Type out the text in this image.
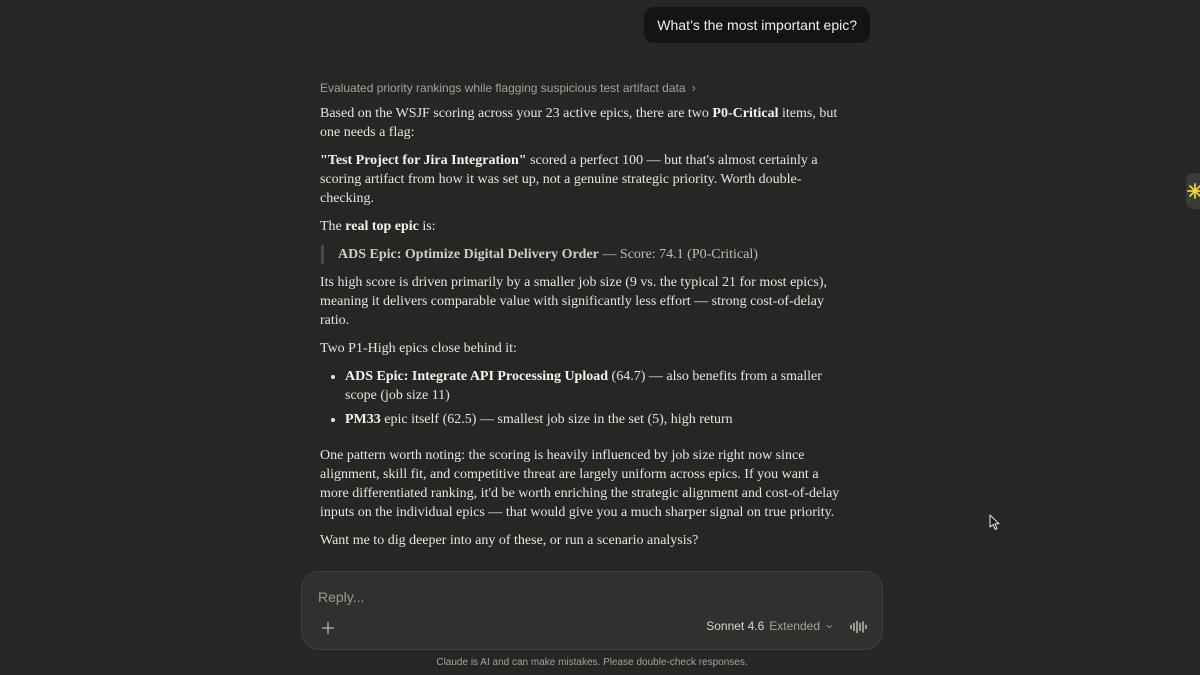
What’s the most important epic?
Evaluated priority rankings while flagging suspicious test artifact data ›

Based on the WSJF scoring across your 23 active epics, there are two P0-Critical items, but one needs a flag:

"Test Project for Jira Integration" scored a perfect 100 — but that's almost certainly a scoring artifact from how it was set up, not a genuine strategic priority. Worth double-checking.

The real top epic is:

ADS Epic: Optimize Digital Delivery Order — Score: 74.1 (P0-Critical)

Its high score is driven primarily by a smaller job size (9 vs. the typical 21 for most epics), meaning it delivers comparable value with significantly less effort — strong cost-of-delay ratio.

Two P1-High epics close behind it:

• ADS Epic: Integrate API Processing Upload (64.7) — also benefits from a smaller scope (job size 11)
• PM33 epic itself (62.5) — smallest job size in the set (5), high return

One pattern worth noting: the scoring is heavily influenced by job size right now since alignment, skill fit, and competitive threat are largely uniform across epics. If you want a more differentiated ranking, it'd be worth enriching the strategic alignment and cost-of-delay inputs on the individual epics — that would give you a much sharper signal on true priority.

Want me to dig deeper into any of these, or run a scenario analysis?

Reply...
Sonnet 4.6 Extended
Claude is AI and can make mistakes. Please double-check responses.
